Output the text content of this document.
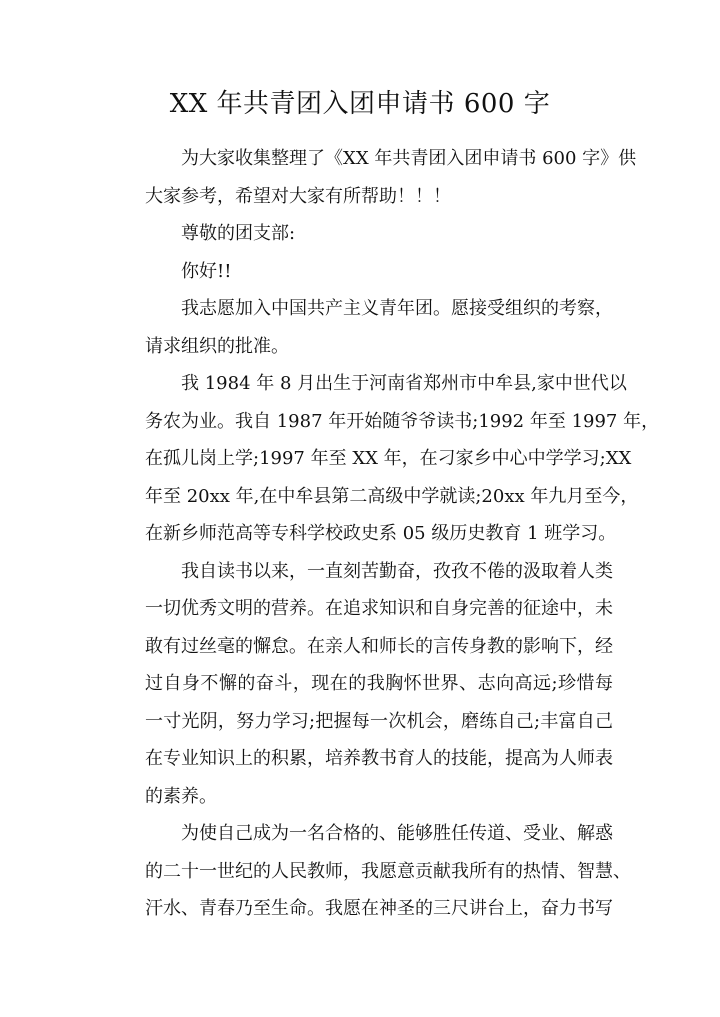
XX 年共青团入团申请书 600 字

为大家收集整理了《XX 年共青团入团申请书 600 字》供
大家参考，希望对大家有所帮助！！！

尊敬的团支部:

你好!!

我志愿加入中国共产主义青年团。愿接受组织的考察，
请求组织的批准。

我 1984 年 8 月出生于河南省郑州市中牟县,家中世代以
务农为业。我自 1987 年开始随爷爷读书;1992 年至 1997 年，
在孤儿岗上学;1997 年至 XX 年，在刁家乡中心中学学习;XX
年至 20xx 年,在中牟县第二高级中学就读;20xx 年九月至今，
在新乡师范高等专科学校政史系 05 级历史教育 1 班学习。

我自读书以来，一直刻苦勤奋，孜孜不倦的汲取着人类
一切优秀文明的营养。在追求知识和自身完善的征途中，未
敢有过丝毫的懈怠。在亲人和师长的言传身教的影响下，经
过自身不懈的奋斗，现在的我胸怀世界、志向高远;珍惜每
一寸光阴，努力学习;把握每一次机会，磨练自己;丰富自己
在专业知识上的积累，培养教书育人的技能，提高为人师表
的素养。

为使自己成为一名合格的、能够胜任传道、受业、解惑
的二十一世纪的人民教师，我愿意贡献我所有的热情、智慧、
汗水、青春乃至生命。我愿在神圣的三尺讲台上，奋力书写
